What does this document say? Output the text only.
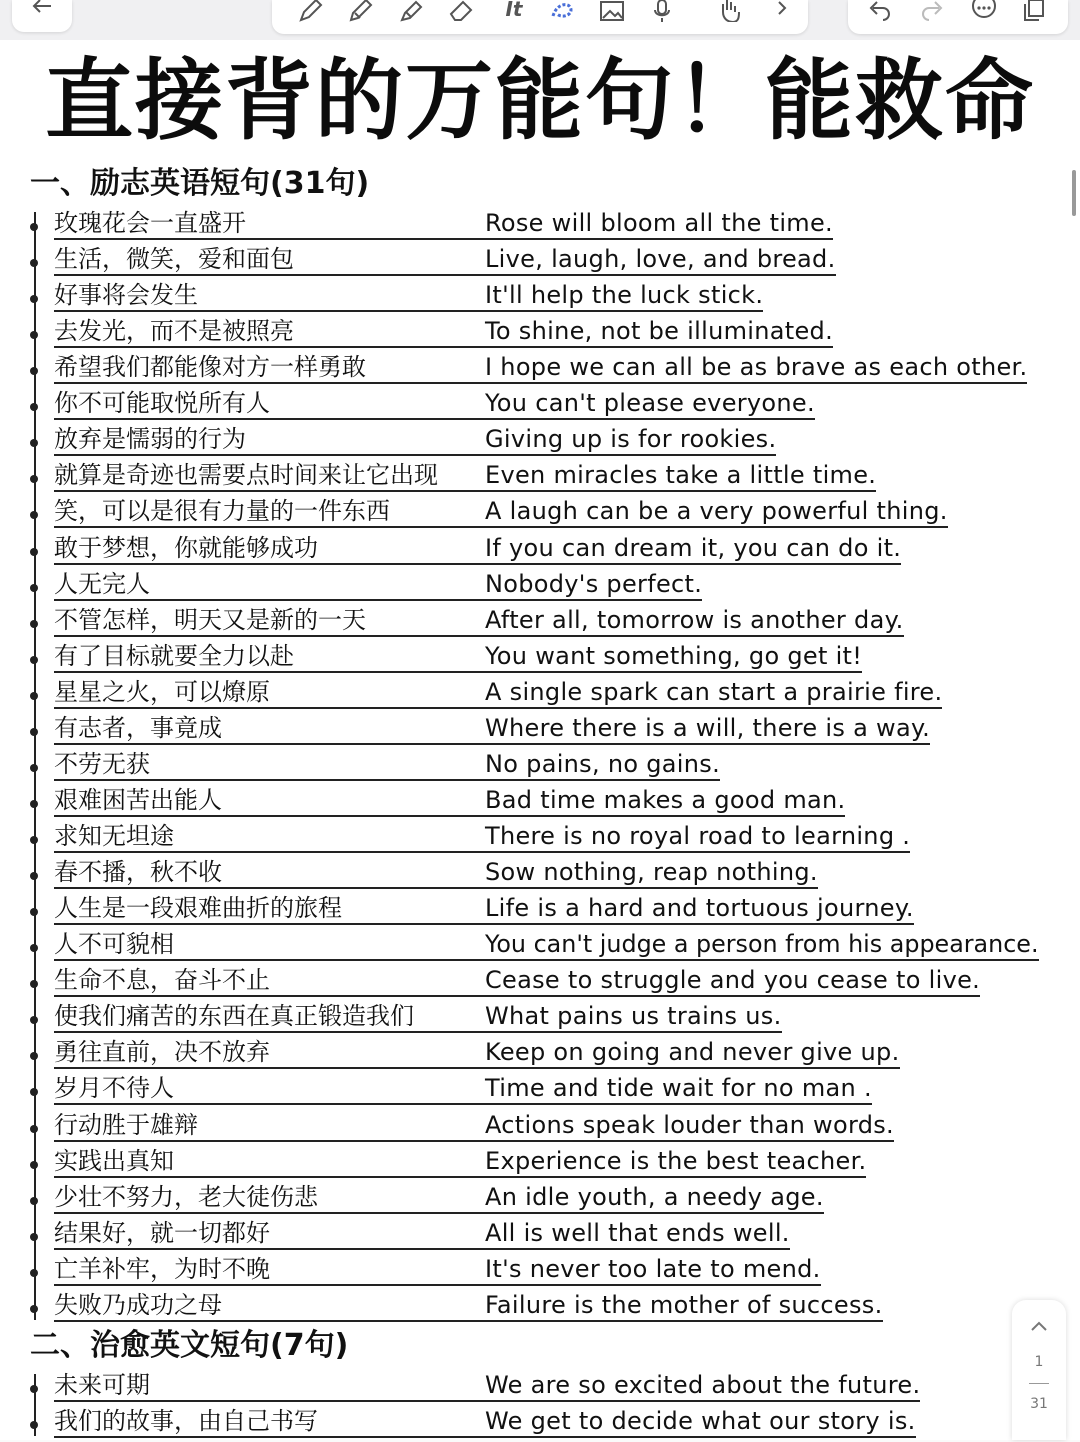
It
直接背的万能句！能救命
一、励志英语短句(31句)
玫瑰花会一直盛开	Rose will bloom all the time.
生活，微笑，爱和面包	Live, laugh, love, and bread.
好事将会发生	It'll help the luck stick.
去发光，而不是被照亮	To shine, not be illuminated.
希望我们都能像对方一样勇敢	I hope we can all be as brave as each other.
你不可能取悦所有人	You can't please everyone.
放弃是懦弱的行为	Giving up is for rookies.
就算是奇迹也需要点时间来让它出现	Even miracles take a little time.
笑，可以是很有力量的一件东西	A laugh can be a very powerful thing.
敢于梦想，你就能够成功	If you can dream it, you can do it.
人无完人	Nobody's perfect.
不管怎样，明天又是新的一天	After all, tomorrow is another day.
有了目标就要全力以赴	You want something, go get it!
星星之火，可以燎原	A single spark can start a prairie fire.
有志者，事竟成	Where there is a will, there is a way.
不劳无获	No pains, no gains.
艰难困苦出能人	Bad time makes a good man.
求知无坦途	There is no royal road to learning .
春不播，秋不收	Sow nothing, reap nothing.
人生是一段艰难曲折的旅程	Life is a hard and tortuous journey.
人不可貌相	You can't judge a person from his appearance.
生命不息，奋斗不止	Cease to struggle and you cease to live.
使我们痛苦的东西在真正锻造我们	What pains us trains us.
勇往直前，决不放弃	Keep on going and never give up.
岁月不待人	Time and tide wait for no man .
行动胜于雄辩	Actions speak louder than words.
实践出真知	Experience is the best teacher.
少壮不努力，老大徒伤悲	An idle youth, a needy age.
结果好，就一切都好	All is well that ends well.
亡羊补牢，为时不晚	It's never too late to mend.
失败乃成功之母	Failure is the mother of success.
二、治愈英文短句(7句)
未来可期	We are so excited about the future.
我们的故事，由自己书写	We get to decide what our story is.
1
31
